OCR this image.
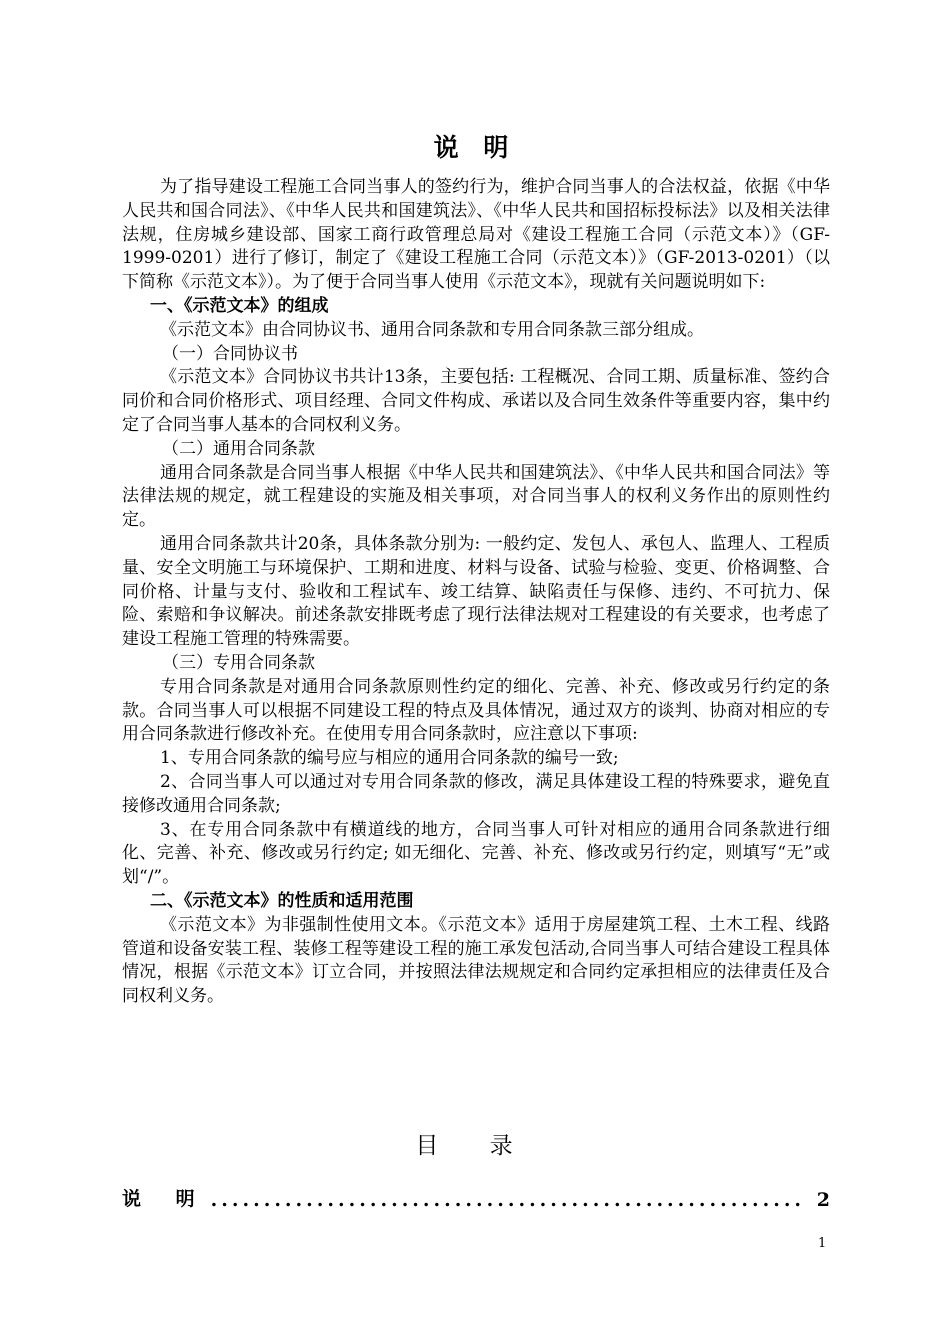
说 明

为了指导建设工程施工合同当事人的签约行为，维护合同当事人的合法权益，依据《中华人民共和国合同法》、《中华人民共和国建筑法》、《中华人民共和国招标投标法》以及相关法律法规，住房城乡建设部、国家工商行政管理总局对《建设工程施工合同（示范文本）》（GF-1999-0201）进行了修订，制定了《建设工程施工合同（示范文本）》（GF-2013-0201）（以下简称《示范文本》）。为了便于合同当事人使用《示范文本》，现就有关问题说明如下:

一、《示范文本》的组成

《示范文本》由合同协议书、通用合同条款和专用合同条款三部分组成。

（一）合同协议书

《示范文本》合同协议书共计13条，主要包括: 工程概况、合同工期、质量标准、签约合同价和合同价格形式、项目经理、合同文件构成、承诺以及合同生效条件等重要内容，集中约定了合同当事人基本的合同权利义务。

（二）通用合同条款

通用合同条款是合同当事人根据《中华人民共和国建筑法》、《中华人民共和国合同法》等法律法规的规定，就工程建设的实施及相关事项，对合同当事人的权利义务作出的原则性约定。

通用合同条款共计20条，具体条款分别为: 一般约定、发包人、承包人、监理人、工程质量、安全文明施工与环境保护、工期和进度、材料与设备、试验与检验、变更、价格调整、合同价格、计量与支付、验收和工程试车、竣工结算、缺陷责任与保修、违约、不可抗力、保险、索赔和争议解决。前述条款安排既考虑了现行法律法规对工程建设的有关要求，也考虑了建设工程施工管理的特殊需要。

（三）专用合同条款

专用合同条款是对通用合同条款原则性约定的细化、完善、补充、修改或另行约定的条款。合同当事人可以根据不同建设工程的特点及具体情况，通过双方的谈判、协商对相应的专用合同条款进行修改补充。在使用专用合同条款时，应注意以下事项:

1、专用合同条款的编号应与相应的通用合同条款的编号一致;

2、合同当事人可以通过对专用合同条款的修改，满足具体建设工程的特殊要求，避免直接修改通用合同条款;

3、在专用合同条款中有横道线的地方，合同当事人可针对相应的通用合同条款进行细化、完善、补充、修改或另行约定; 如无细化、完善、补充、修改或另行约定，则填写“无”或划“/”。

二、《示范文本》的性质和适用范围

《示范文本》为非强制性使用文本。《示范文本》适用于房屋建筑工程、土木工程、线路管道和设备安装工程、装修工程等建设工程的施工承发包活动,合同当事人可结合建设工程具体情况，根据《示范文本》订立合同，并按照法律法规规定和合同约定承担相应的法律责任及合同权利义务。

目 录
说 明 ........................................................ 2
1
